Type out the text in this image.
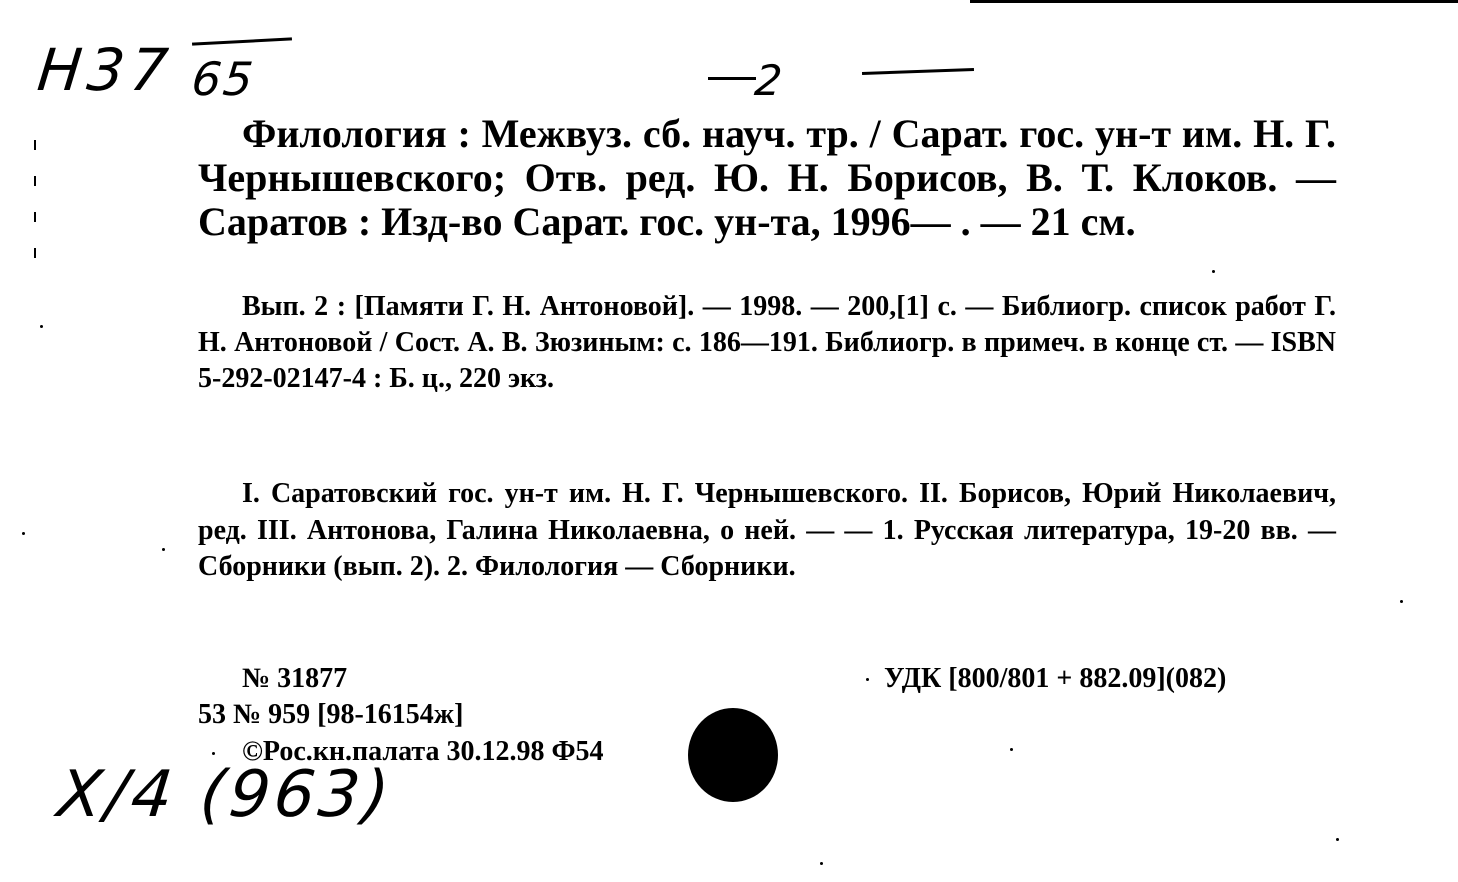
Н37 65	2

Филология : Межвуз. сб. науч. тр. / Сарат. гос. ун-т им. Н. Г. Чернышевского; Отв. ред. Ю. Н. Борисов, В. Т. Клоков. — Саратов : Изд-во Сарат. гос. ун-та, 1996— . — 21 см.

Вып. 2 : [Памяти Г. Н. Антоновой]. — 1998. — 200,[1] с. — Библиогр. список работ Г. Н. Антоновой / Сост. А. В. Зюзиным: с. 186—191. Библиогр. в примеч. в конце ст. — ISBN 5-292-02147-4 : Б. ц., 220 экз.

I. Саратовский гос. ун-т им. Н. Г. Чернышевского. II. Борисов, Юрий Николаевич, ред. III. Антонова, Галина Николаевна, о ней. — — 1. Русская литература, 19-20 вв. — Сборники (вып. 2). 2. Филология — Сборники.

№ 31877	УДК [800/801 + 882.09](082)
53 № 959 [98-16154ж]
©Рос.кн.палата 30.12.98 Ф54
Х/4 (963)
